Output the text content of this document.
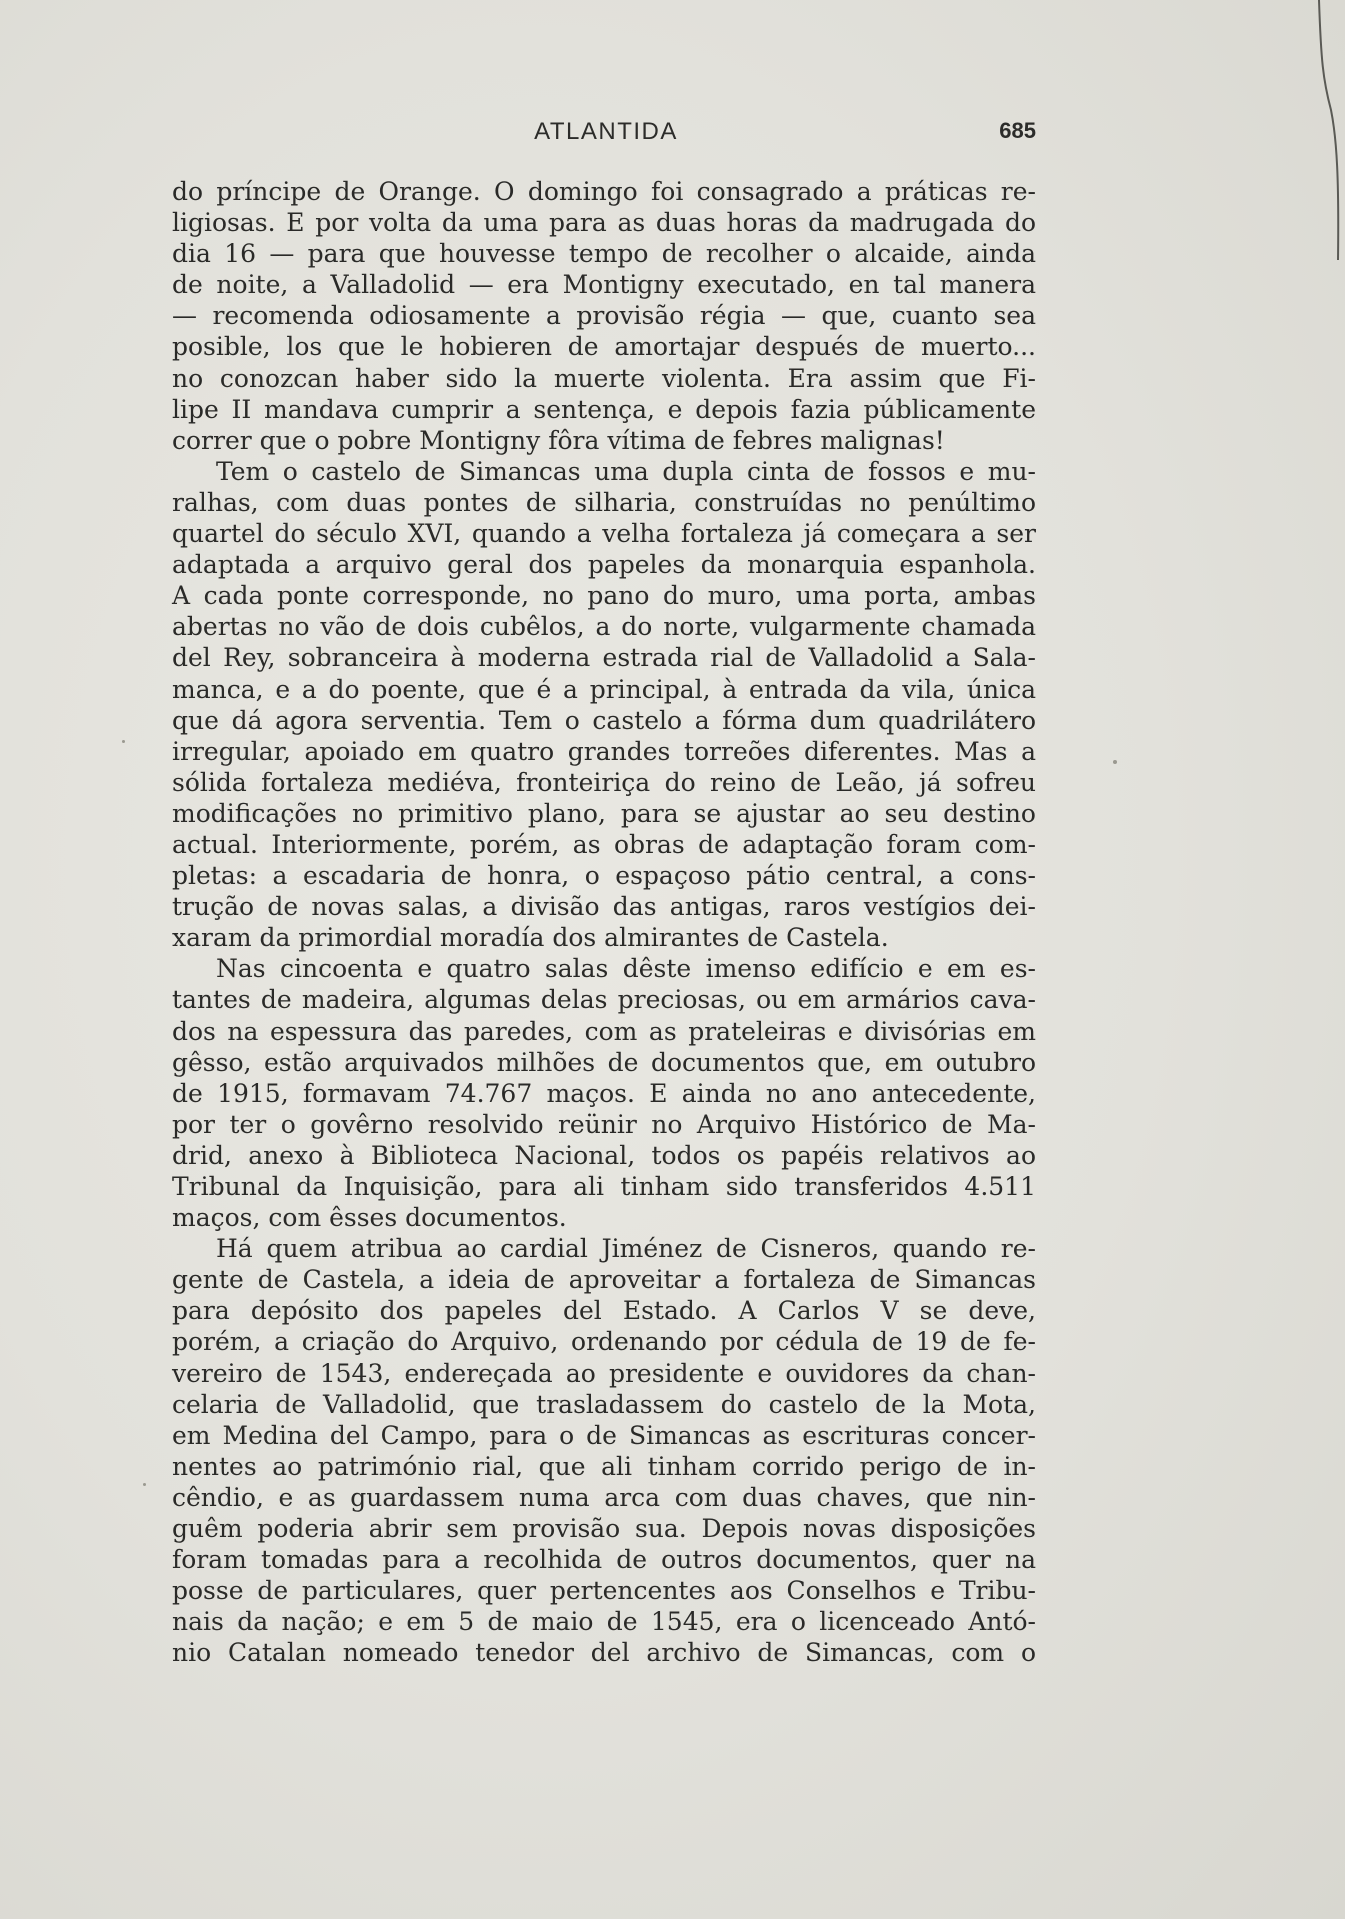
ATLANTIDA	685

do príncipe de Orange. O domingo foi consagrado a práticas re-

ligiosas. E por volta da uma para as duas horas da madrugada do

dia 16 — para que houvesse tempo de recolher o alcaide, ainda

de noite, a Valladolid — era Montigny executado, en tal manera

— recomenda odiosamente a provisão régia — que, cuanto sea

posible, los que le hobieren de amortajar después de muerto...

no conozcan haber sido la muerte violenta. Era assim que Fi-

lipe II mandava cumprir a sentença, e depois fazia públicamente

correr que o pobre Montigny fôra vítima de febres malignas!

Tem o castelo de Simancas uma dupla cinta de fossos e mu-

ralhas, com duas pontes de silharia, construídas no penúltimo

quartel do século XVI, quando a velha fortaleza já começara a ser

adaptada a arquivo geral dos papeles da monarquia espanhola.

A cada ponte corresponde, no pano do muro, uma porta, ambas

abertas no vão de dois cubêlos, a do norte, vulgarmente chamada

del Rey, sobranceira à moderna estrada rial de Valladolid a Sala-

manca, e a do poente, que é a principal, à entrada da vila, única

que dá agora serventia. Tem o castelo a fórma dum quadrilátero

irregular, apoiado em quatro grandes torreões diferentes. Mas a

sólida fortaleza mediéva, fronteiriça do reino de Leão, já sofreu

modificações no primitivo plano, para se ajustar ao seu destino

actual. Interiormente, porém, as obras de adaptação foram com-

pletas: a escadaria de honra, o espaçoso pátio central, a cons-

trução de novas salas, a divisão das antigas, raros vestígios dei-

xaram da primordial moradía dos almirantes de Castela.

Nas cincoenta e quatro salas dêste imenso edifício e em es-

tantes de madeira, algumas delas preciosas, ou em armários cava-

dos na espessura das paredes, com as prateleiras e divisórias em

gêsso, estão arquivados milhões de documentos que, em outubro

de 1915, formavam 74.767 maços. E ainda no ano antecedente,

por ter o govêrno resolvido reünir no Arquivo Histórico de Ma-

drid, anexo à Biblioteca Nacional, todos os papéis relativos ao

Tribunal da Inquisição, para ali tinham sido transferidos 4.511

maços, com êsses documentos.

Há quem atribua ao cardial Jiménez de Cisneros, quando re-

gente de Castela, a ideia de aproveitar a fortaleza de Simancas

para depósito dos papeles del Estado. A Carlos V se deve,

porém, a criação do Arquivo, ordenando por cédula de 19 de fe-

vereiro de 1543, endereçada ao presidente e ouvidores da chan-

celaria de Valladolid, que trasladassem do castelo de la Mota,

em Medina del Campo, para o de Simancas as escrituras concer-

nentes ao património rial, que ali tinham corrido perigo de in-

cêndio, e as guardassem numa arca com duas chaves, que nin-

guêm poderia abrir sem provisão sua. Depois novas disposições

foram tomadas para a recolhida de outros documentos, quer na

posse de particulares, quer pertencentes aos Conselhos e Tribu-

nais da nação; e em 5 de maio de 1545, era o licenceado Antó-

nio Catalan nomeado tenedor del archivo de Simancas, com o
